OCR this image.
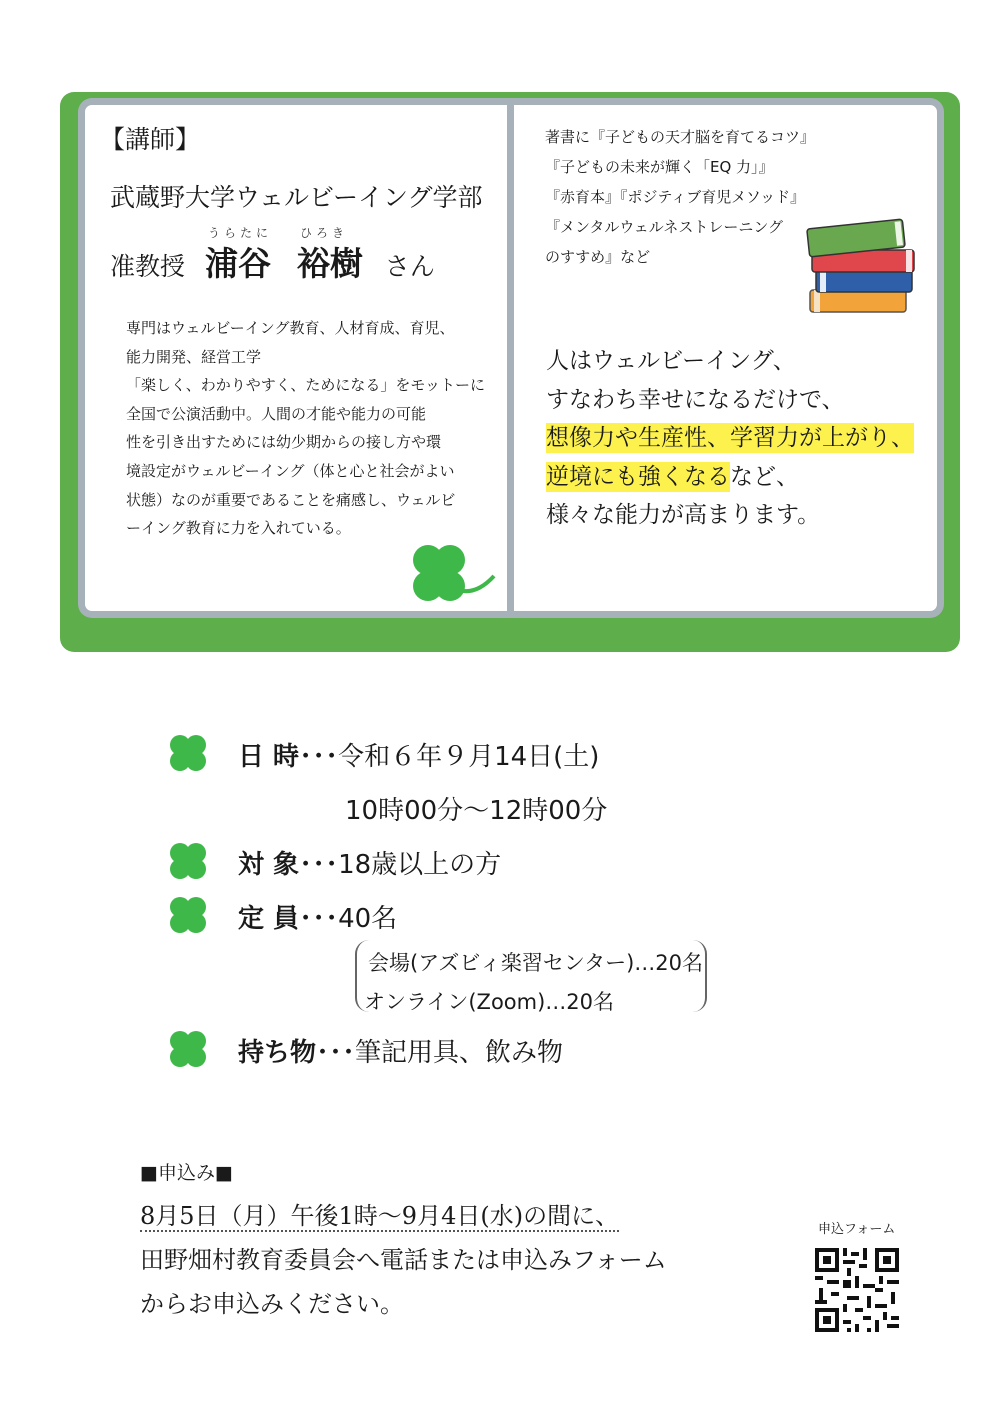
【講師】
武蔵野大学ウェルビーイング学部
うらたに ひろき
准教授 浦谷 裕樹 さん
専門はウェルビーイング教育、人材育成、育児、
能力開発、経営工学
「楽しく、わかりやすく、ためになる」をモットーに
全国で公演活動中。人間の才能や能力の可能
性を引き出すためには幼少期からの接し方や環
境設定がウェルビーイング（体と心と社会がよい
状態）なのが重要であることを痛感し、ウェルビ
ーイング教育に力を入れている。
著書に『子どもの天才脳を育てるコツ』
『子どもの未来が輝く「EQ 力」』
『赤育本』『ポジティブ育児メソッド』
『メンタルウェルネストレーニング
のすすめ』など
人はウェルビーイング、
すなわち幸せになるだけで、
想像力や生産性、学習力が上がり、
逆境にも強くなるなど、
様々な能力が高まります。
日 時･･･令和６年９月14日(土)
10時00分～12時00分
対 象･･･18歳以上の方
定 員･･･40名
会場(アズビィ楽習センター)…20名
オンライン(Zoom)…20名
持ち物･･･筆記用具、飲み物
■申込み■
8月5日（月）午後1時～9月4日(水)の間に、
田野畑村教育委員会へ電話または申込みフォーム
からお申込みください。
申込フォーム
